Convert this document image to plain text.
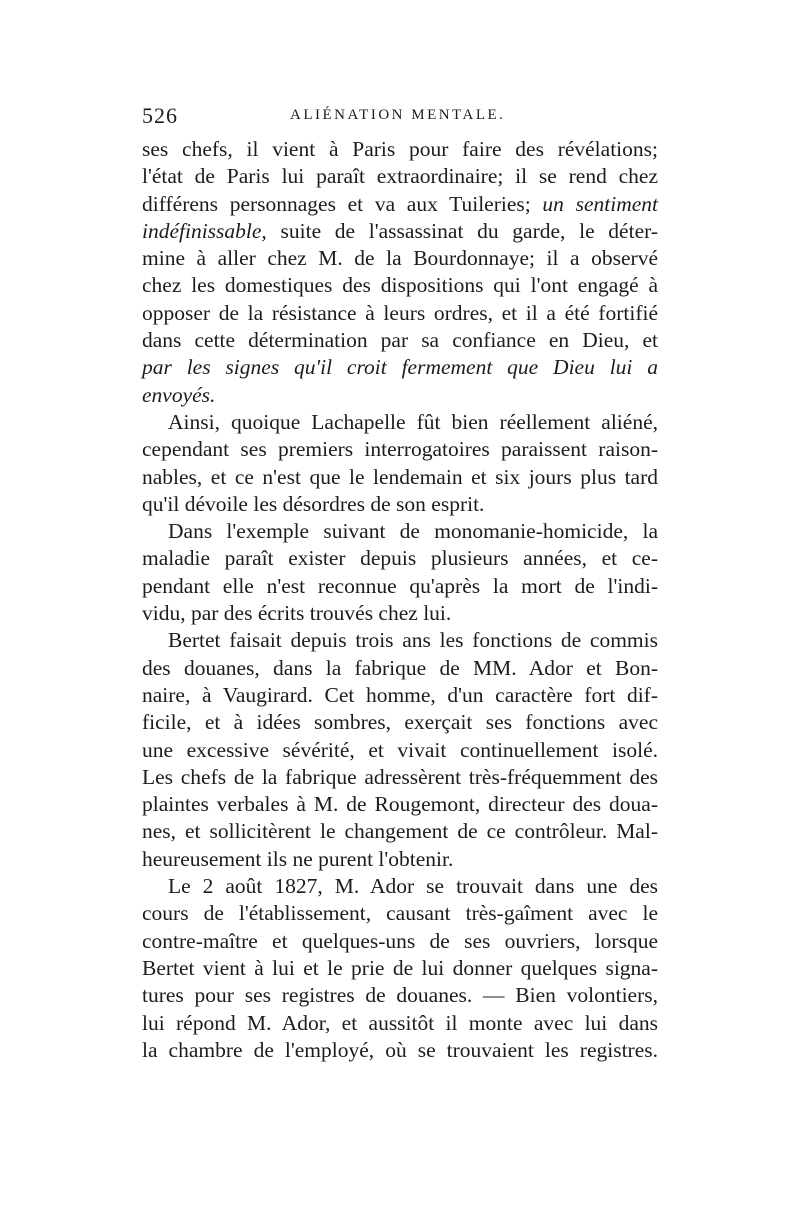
526	ALIÉNATION MENTALE.
ses chefs, il vient à Paris pour faire des révélations;
l'état de Paris lui paraît extraordinaire; il se rend chez
différens personnages et va aux Tuileries; un sentiment
indéfinissable, suite de l'assassinat du garde, le déter-
mine à aller chez M. de la Bourdonnaye; il a observé
chez les domestiques des dispositions qui l'ont engagé à
opposer de la résistance à leurs ordres, et il a été fortifié
dans cette détermination par sa confiance en Dieu, et
par les signes qu'il croit fermement que Dieu lui a
envoyés.
Ainsi, quoique Lachapelle fût bien réellement aliéné,
cependant ses premiers interrogatoires paraissent raison-
nables, et ce n'est que le lendemain et six jours plus tard
qu'il dévoile les désordres de son esprit.
Dans l'exemple suivant de monomanie-homicide, la
maladie paraît exister depuis plusieurs années, et ce-
pendant elle n'est reconnue qu'après la mort de l'indi-
vidu, par des écrits trouvés chez lui.
Bertet faisait depuis trois ans les fonctions de commis
des douanes, dans la fabrique de MM. Ador et Bon-
naire, à Vaugirard. Cet homme, d'un caractère fort dif-
ficile, et à idées sombres, exerçait ses fonctions avec
une excessive sévérité, et vivait continuellement isolé.
Les chefs de la fabrique adressèrent très-fréquemment des
plaintes verbales à M. de Rougemont, directeur des doua-
nes, et sollicitèrent le changement de ce contrôleur. Mal-
heureusement ils ne purent l'obtenir.
Le 2 août 1827, M. Ador se trouvait dans une des
cours de l'établissement, causant très-gaîment avec le
contre-maître et quelques-uns de ses ouvriers, lorsque
Bertet vient à lui et le prie de lui donner quelques signa-
tures pour ses registres de douanes. — Bien volontiers,
lui répond M. Ador, et aussitôt il monte avec lui dans
la chambre de l'employé, où se trouvaient les registres.
